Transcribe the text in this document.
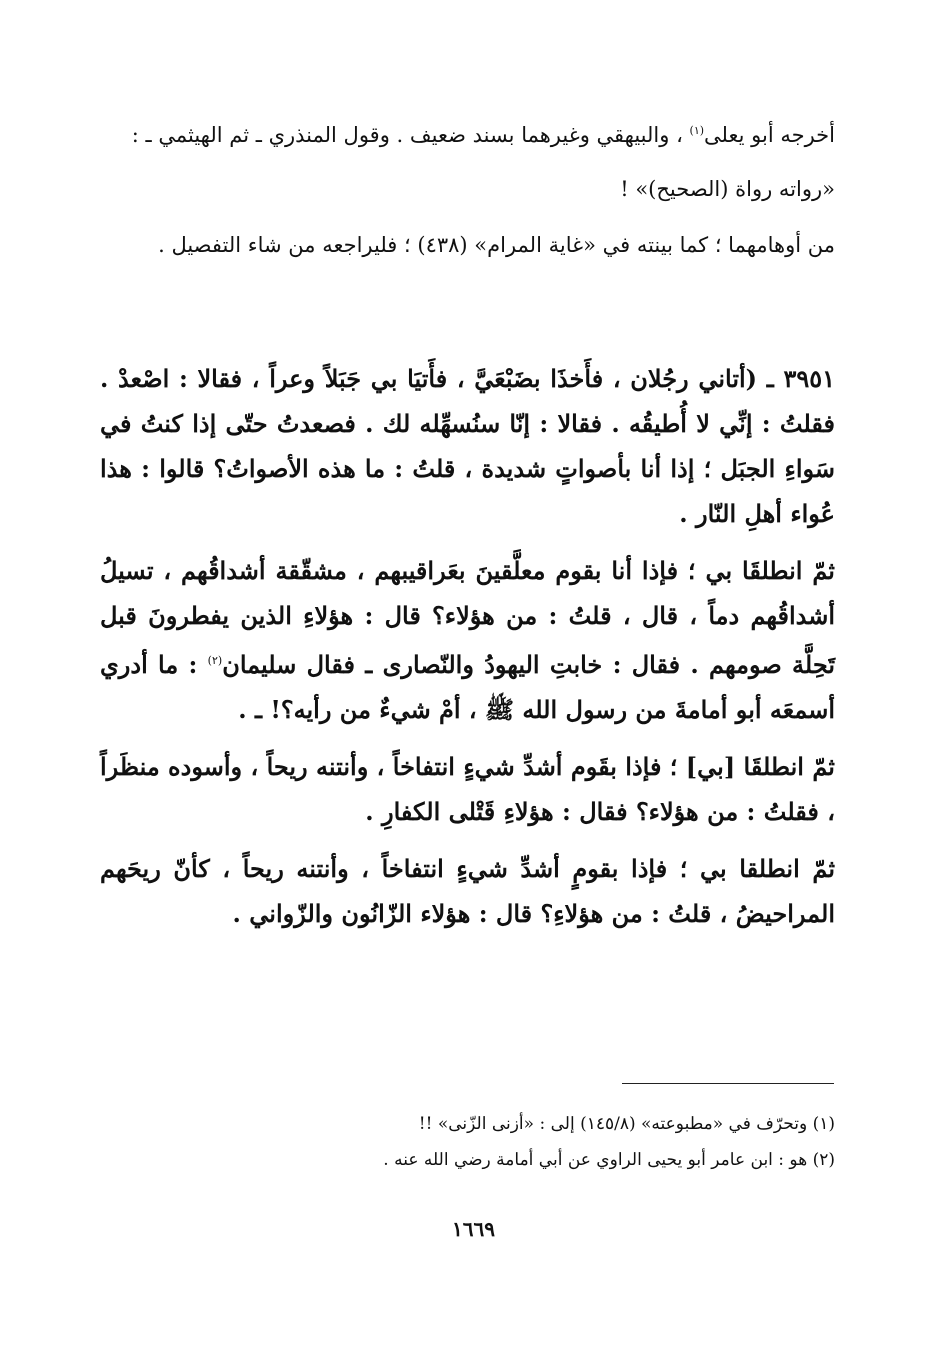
أخرجه أبو يعلى$^{(١)}$ ، والبيهقي وغيرهما بسند ضعيف . وقول المنذري ـ ثم الهيثمي ـ :

«رواته رواة (الصحيح)» !

من أوهامهما ؛ كما بينته في «غاية المرام» (٤٣٨) ؛ فليراجعه من شاء التفصيل .

٣٩٥١ ـ (أتاني رجُلان ، فأَخذَا بضَبْعَيَّ ، فأَتيَا بي جَبَلاً وعراً ، فقالا : اصْعدْ . فقلتُ : إنِّي لا أُطيقُه . فقالا : إنّا سنُسهِّله لك . فصعدتُ حتّى إذا كنتُ في سَواءِ الجبَل ؛ إذا أنا بأصواتٍ شديدة ، قلتُ : ما هذه الأصواتُ؟ قالوا : هذا عُواء أهلِ النّار .

ثمّ انطلقَا بي ؛ فإذا أنا بقوم معلَّقينَ بعَراقيبهم ، مشقّقة أشداقُهم ، تسيلُ أشداقُهم دماً ، قال ، قلتُ : من هؤلاء؟ قال : هؤلاءِ الذين يفطرونَ قبل تَحِلَّة صومهم . فقال : خابتِ اليهودُ والنّصارى ـ فقال سليمان$^{(٢)}$ : ما أدري أسمعَه أبو أمامةَ من رسول الله ﷺ ، أمْ شيءٌ من رأيه؟! ـ .

ثمّ انطلقَا [بي] ؛ فإذا بقَوم أشدِّ شيءٍ انتفاخاً ، وأنتنه ريحاً ، وأسوده منظَراً ، فقلتُ : من هؤلاء؟ فقال : هؤلاءِ قَتْلى الكفارِ .

ثمّ انطلقا بي ؛ فإذا بقومٍ أشدِّ شيءٍ انتفاخاً ، وأنتنه ريحاً ، كأنّ ريحَهم المراحيضُ ، قلتُ : من هؤلاءِ؟ قال : هؤلاء الزّانُون والزّواني .

(١) وتحرّف في «مطبوعته» (١٤٥/٨) إلى : «أزنى الزّنى» !!

(٢) هو : ابن عامر أبو يحيى الراوي عن أبي أمامة رضي الله عنه .

١٦٦٩
